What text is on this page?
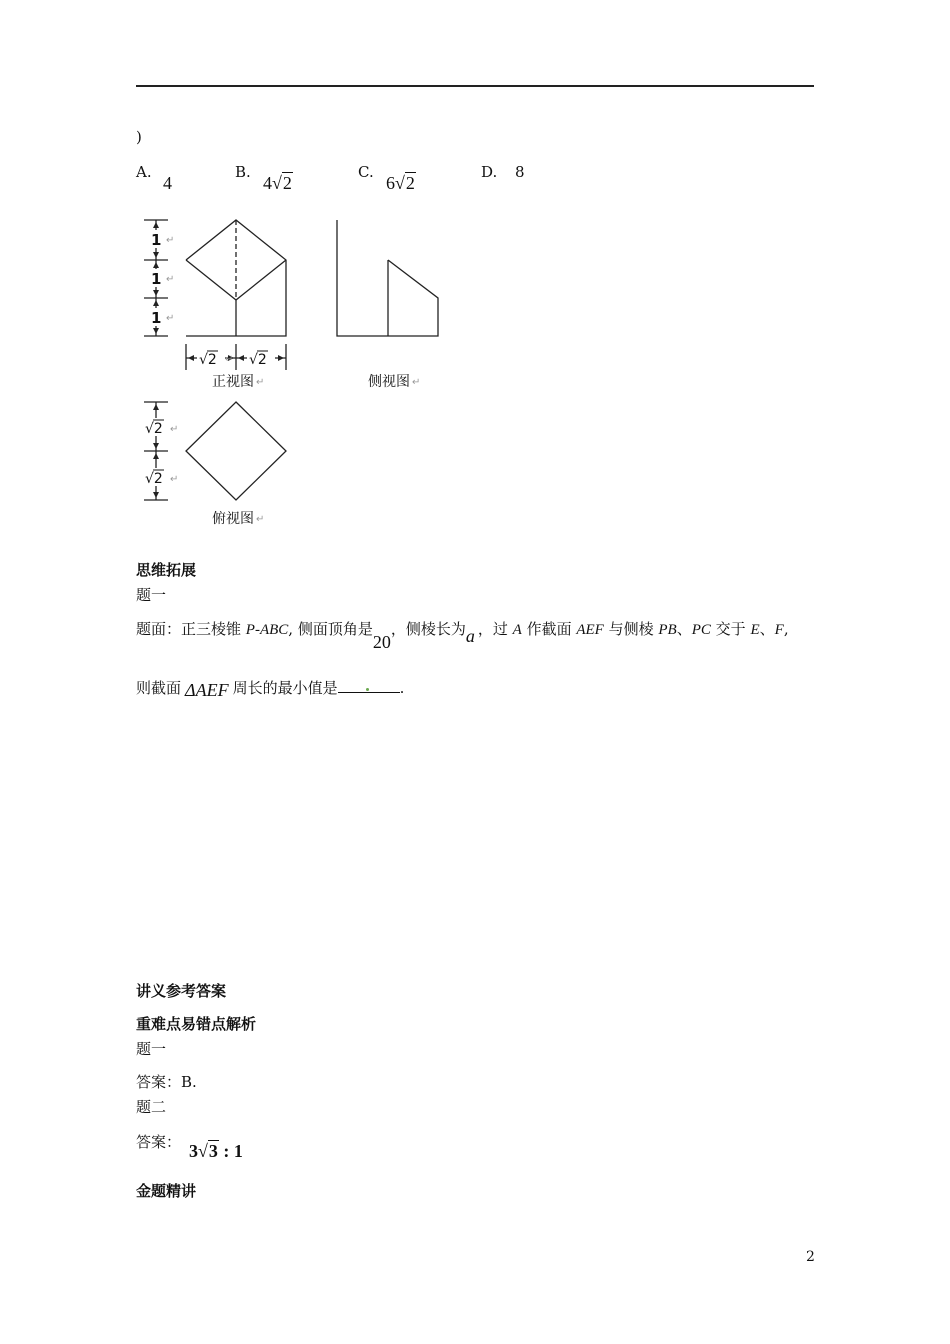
)
A.
4
B.
4√2
C.
6√2
D. 8
1
1
1
↵
↵
↵
√2 √2
↵
√2
√2
↵
↵
正视图	侧视图
俯视图
↵	↵
↵
思维拓展
题一
题面：正三棱锥 P-ABC, 侧面顶角是20，侧棱长为a ，过 A 作截面 AEF 与侧棱 PB、PC 交于 E、F,
则截面 ΔAEF 周长的最小值是	.
讲义参考答案
重难点易错点解析
题一
答案：B.
题二
答案： 3√3 : 1
金题精讲
2
